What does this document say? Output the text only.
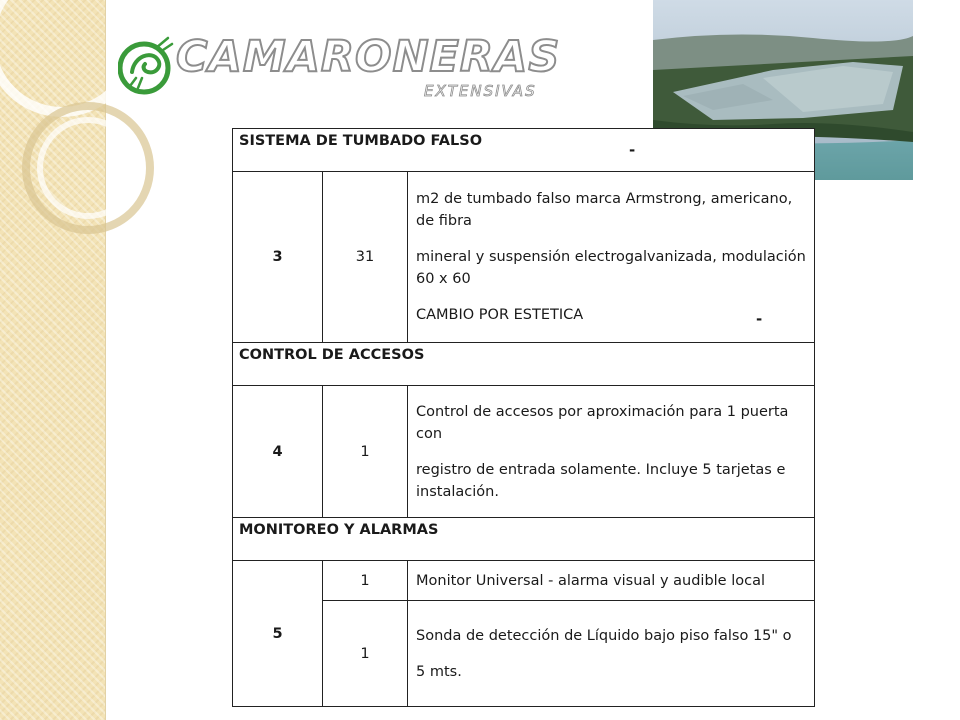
CAMARONERAS
EXTENSIVAS
SISTEMA DE TUMBADO FALSO -		

3	31	m2 de tumbado falso marca Armstrong, americano, de fibra

mineral y suspensión electrogalvanizada, modulación 60 x 60

CAMBIO POR ESTETICA -

CONTROL DE ACCESOS		
4	1	Control de accesos por aproximación para 1 puerta con

registro de entrada solamente. Incluye 5 tarjetas e instalación.

MONITOREO Y ALARMAS		
5	1	Monitor Universal - alarma visual y audible local

	1	Sonda de detección de Líquido bajo piso falso 15" o

5 mts.
